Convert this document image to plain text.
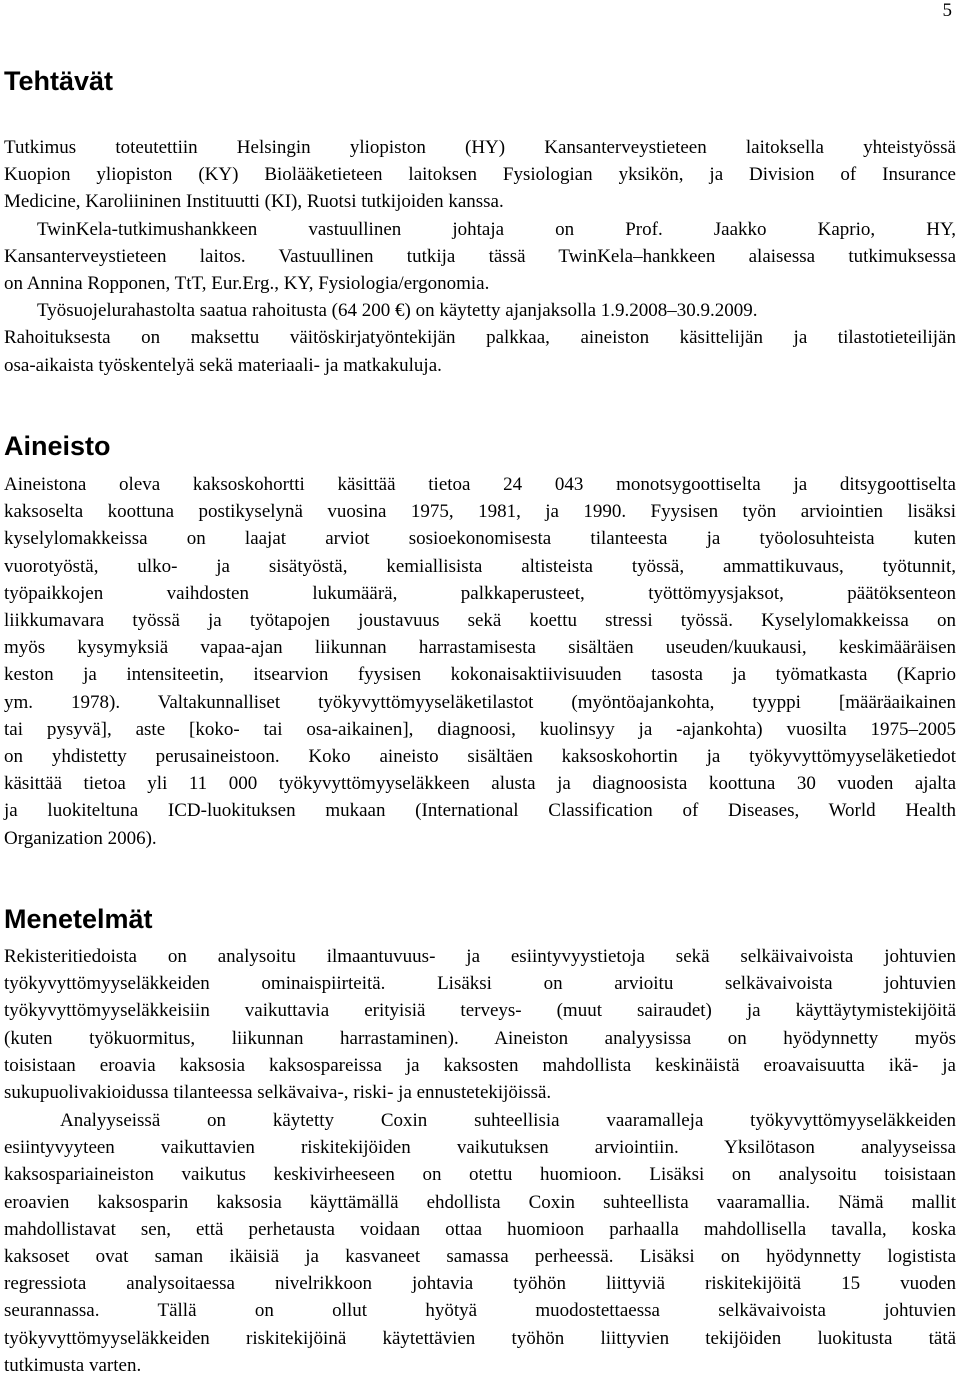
5
Tehtävät
Tutkimus toteutettiin Helsingin yliopiston (HY) Kansanterveystieteen laitoksella yhteistyössä
Kuopion yliopiston (KY) Biolääketieteen laitoksen Fysiologian yksikön, ja Division of Insurance
Medicine, Karoliininen Instituutti (KI), Ruotsi tutkijoiden kanssa.
TwinKela-tutkimushankkeen vastuullinen johtaja on Prof. Jaakko Kaprio, HY,
Kansanterveystieteen laitos. Vastuullinen tutkija tässä TwinKela–hankkeen alaisessa tutkimuksessa
on Annina Ropponen, TtT, Eur.Erg., KY, Fysiologia/ergonomia.
Työsuojelurahastolta saatua rahoitusta (64 200 €) on käytetty ajanjaksolla 1.9.2008–30.9.2009.
Rahoituksesta on maksettu väitöskirjatyöntekijän palkkaa, aineiston käsittelijän ja tilastotieteilijän
osa-aikaista työskentelyä sekä materiaali- ja matkakuluja.
Aineisto
Aineistona oleva kaksoskohortti käsittää tietoa 24 043 monotsygoottiselta ja ditsygoottiselta
kaksoselta koottuna postikyselynä vuosina 1975, 1981, ja 1990. Fyysisen työn arviointien lisäksi
kyselylomakkeissa on laajat arviot sosioekonomisesta tilanteesta ja työolosuhteista kuten
vuorotyöstä, ulko- ja sisätyöstä, kemiallisista altisteista työssä, ammattikuvaus, työtunnit,
työpaikkojen vaihdosten lukumäärä, palkkaperusteet, työttömyysjaksot, päätöksenteon
liikkumavara työssä ja työtapojen joustavuus sekä koettu stressi työssä. Kyselylomakkeissa on
myös kysymyksiä vapaa-ajan liikunnan harrastamisesta sisältäen useuden/kuukausi, keskimääräisen
keston ja intensiteetin, itsearvion fyysisen kokonaisaktiivisuuden tasosta ja työmatkasta (Kaprio
ym. 1978). Valtakunnalliset työkyvyttömyyseläketilastot (myöntöajankohta, tyyppi [määräaikainen
tai pysyvä], aste [koko- tai osa-aikainen], diagnoosi, kuolinsyy ja -ajankohta) vuosilta 1975–2005
on yhdistetty perusaineistoon. Koko aineisto sisältäen kaksoskohortin ja työkyvyttömyyseläketiedot
käsittää tietoa yli 11 000 työkyvyttömyyseläkkeen alusta ja diagnoosista koottuna 30 vuoden ajalta
ja luokiteltuna ICD-luokituksen mukaan (International Classification of Diseases, World Health
Organization 2006).
Menetelmät
Rekisteritiedoista on analysoitu ilmaantuvuus- ja esiintyvyystietoja sekä selkäivaivoista johtuvien
työkyvyttömyyseläkkeiden ominaispiirteitä. Lisäksi on arvioitu selkävaivoista johtuvien
työkyvyttömyyseläkkeisiin vaikuttavia erityisiä terveys- (muut sairaudet) ja käyttäytymistekijöitä
(kuten työkuormitus, liikunnan harrastaminen). Aineiston analyysissa on hyödynnetty myös
toisistaan eroavia kaksosia kaksospareissa ja kaksosten mahdollista keskinäistä eroavaisuutta ikä- ja
sukupuolivakioidussa tilanteessa selkävaiva-, riski- ja ennustetekijöissä.
Analyyseissä on käytetty Coxin suhteellisia vaaramalleja työkyvyttömyyseläkkeiden
esiintyvyyteen vaikuttavien riskitekijöiden vaikutuksen arviointiin. Yksilötason analyyseissa
kaksospariaineiston vaikutus keskivirheeseen on otettu huomioon. Lisäksi on analysoitu toisistaan
eroavien kaksosparin kaksosia käyttämällä ehdollista Coxin suhteellista vaaramallia. Nämä mallit
mahdollistavat sen, että perhetausta voidaan ottaa huomioon parhaalla mahdollisella tavalla, koska
kaksoset ovat saman ikäisiä ja kasvaneet samassa perheessä. Lisäksi on hyödynnetty logistista
regressiota analysoitaessa nivelrikkoon johtavia työhön liittyviä riskitekijöitä 15 vuoden
seurannassa. Tällä on ollut hyötyä muodostettaessa selkävaivoista johtuvien
työkyvyttömyyseläkkeiden riskitekijöinä käytettävien työhön liittyvien tekijöiden luokitusta tätä
tutkimusta varten.
